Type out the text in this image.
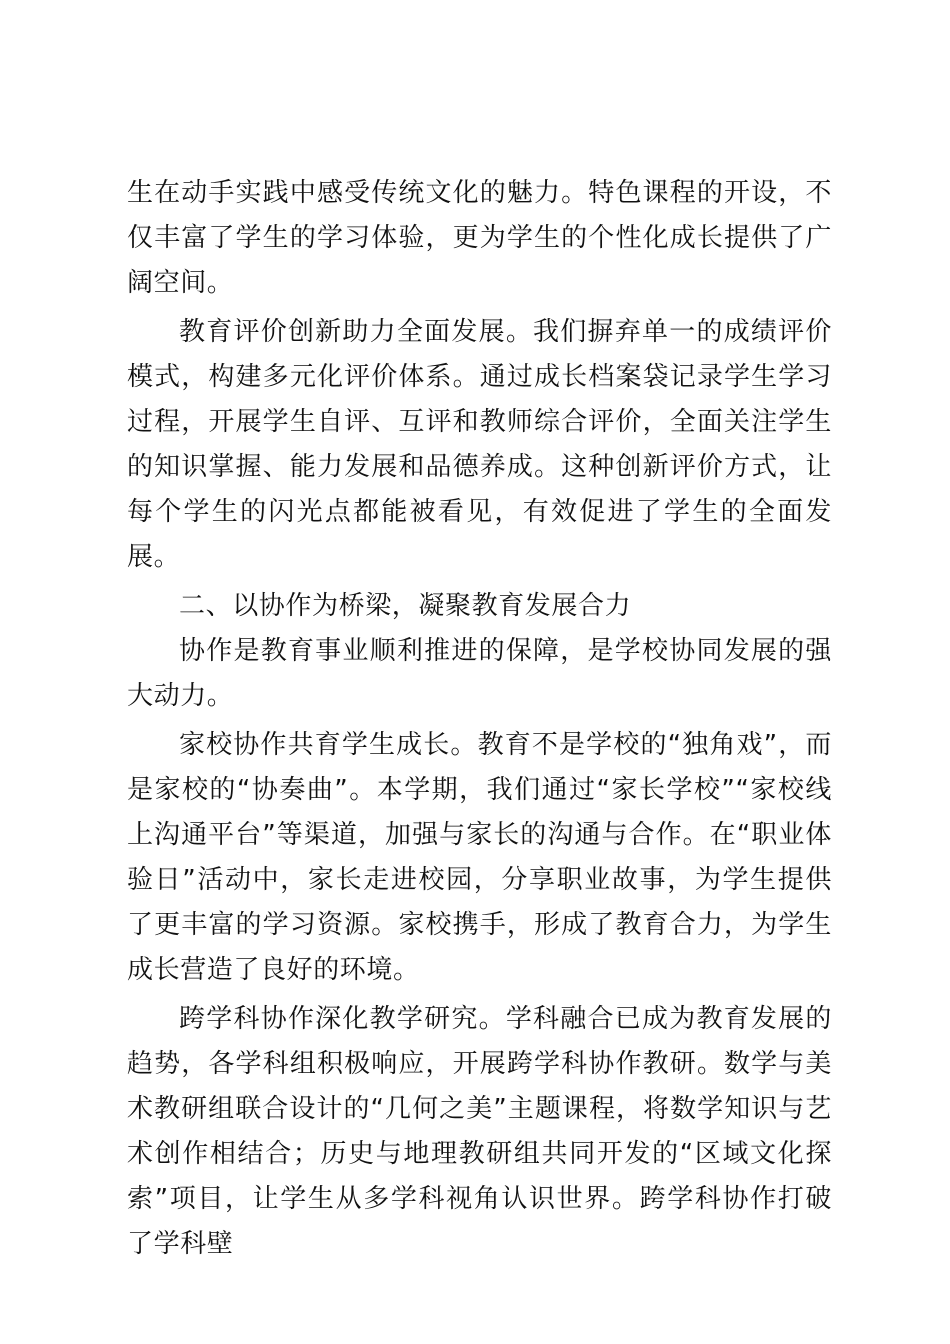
生在动手实践中感受传统文化的魅力。特色课程的开设，不仅丰富了学生的学习体验，更为学生的个性化成长提供了广阔空间。

教育评价创新助力全面发展。我们摒弃单一的成绩评价模式，构建多元化评价体系。通过成长档案袋记录学生学习过程，开展学生自评、互评和教师综合评价，全面关注学生的知识掌握、能力发展和品德养成。这种创新评价方式，让每个学生的闪光点都能被看见，有效促进了学生的全面发展。

二、以协作为桥梁，凝聚教育发展合力

协作是教育事业顺利推进的保障，是学校协同发展的强大动力。

家校协作共育学生成长。教育不是学校的“独角戏”，而是家校的“协奏曲”。本学期，我们通过“家长学校”“家校线上沟通平台”等渠道，加强与家长的沟通与合作。在“职业体验日”活动中，家长走进校园，分享职业故事，为学生提供了更丰富的学习资源。家校携手，形成了教育合力，为学生成长营造了良好的环境。

跨学科协作深化教学研究。学科融合已成为教育发展的趋势，各学科组积极响应，开展跨学科协作教研。数学与美术教研组联合设计的“几何之美”主题课程，将数学知识与艺术创作相结合；历史与地理教研组共同开发的“区域文化探索”项目，让学生从多学科视角认识世界。跨学科协作打破了学科壁
